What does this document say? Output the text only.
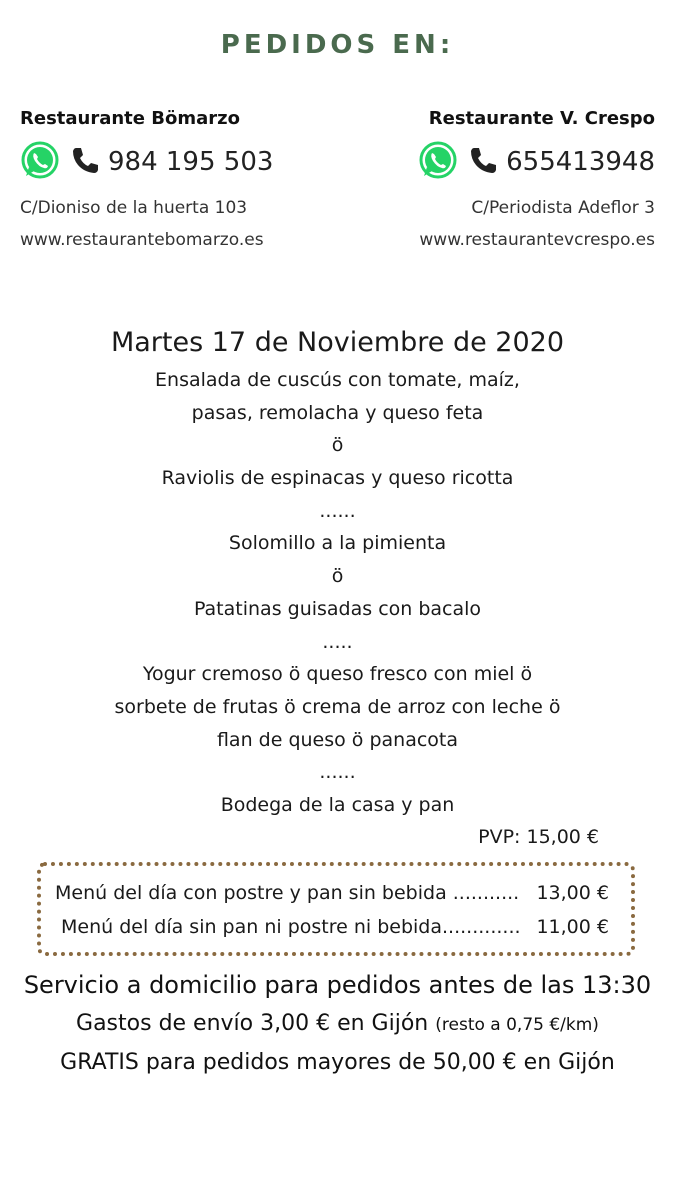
PEDIDOS EN:
Restaurante Bömarzo
984 195 503
C/Dioniso de la huerta 103
www.restaurantebomarzo.es
Restaurante V. Crespo
655413948
C/Periodista Adeflor 3
www.restaurantevcrespo.es
Martes 17 de Noviembre de 2020
Ensalada de cuscús con tomate, maíz,
pasas, remolacha y queso feta
ö
Raviolis de espinacas y queso ricotta
......
Solomillo a la pimienta
ö
Patatinas guisadas con bacalo
.....
Yogur cremoso ö queso fresco con miel ö
sorbete de frutas ö crema de arroz con leche ö
flan de queso ö panacota
......
Bodega de la casa y pan
PVP: 15,00 €
Menú del día con postre y pan sin bebida ........... 13,00 €
Menú del día sin pan ni postre ni bebida............. 11,00 €
Servicio a domicilio para pedidos antes de las 13:30
Gastos de envío 3,00 € en Gijón (resto a 0,75 €/km)
GRATIS para pedidos mayores de 50,00 € en Gijón
